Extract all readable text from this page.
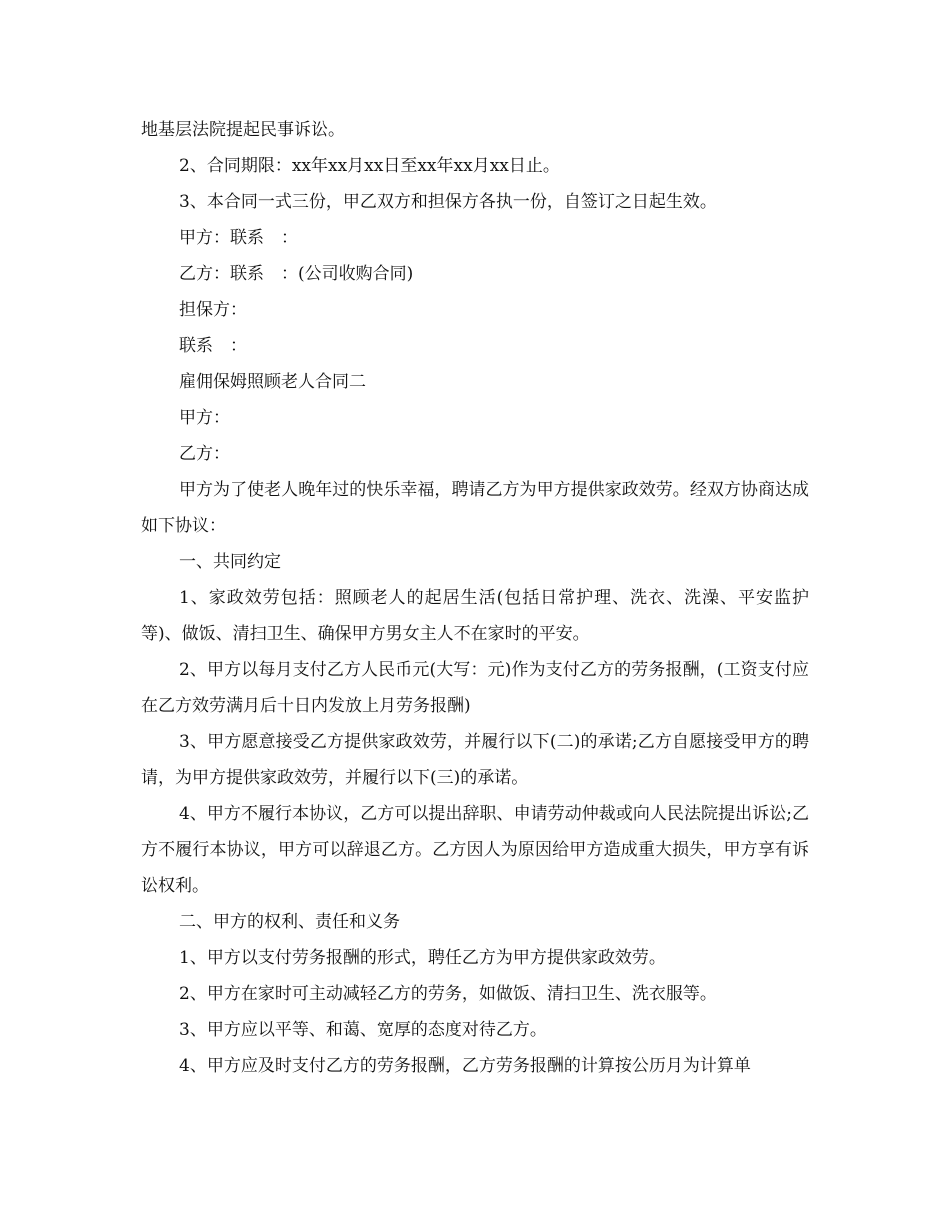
地基层法院提起民事诉讼。

2、合同期限：xx年xx月xx日至xx年xx月xx日止。

3、本合同一式三份，甲乙双方和担保方各执一份，自签订之日起生效。

甲方：联系　：

乙方：联系　：(公司收购合同)

担保方：

联系　：

雇佣保姆照顾老人合同二

甲方：

乙方：

甲方为了使老人晚年过的快乐幸福，聘请乙方为甲方提供家政效劳。经双方协商达成如下协议：

一、共同约定

1、家政效劳包括：照顾老人的起居生活(包括日常护理、洗衣、洗澡、平安监护等)、做饭、清扫卫生、确保甲方男女主人不在家时的平安。

2、甲方以每月支付乙方人民币元(大写：元)作为支付乙方的劳务报酬，(工资支付应在乙方效劳满月后十日内发放上月劳务报酬)

3、甲方愿意接受乙方提供家政效劳，并履行以下(二)的承诺;乙方自愿接受甲方的聘请，为甲方提供家政效劳，并履行以下(三)的承诺。

4、甲方不履行本协议，乙方可以提出辞职、申请劳动仲裁或向人民法院提出诉讼;乙方不履行本协议，甲方可以辞退乙方。乙方因人为原因给甲方造成重大损失，甲方享有诉讼权利。

二、甲方的权利、责任和义务

1、甲方以支付劳务报酬的形式，聘任乙方为甲方提供家政效劳。

2、甲方在家时可主动减轻乙方的劳务，如做饭、清扫卫生、洗衣服等。

3、甲方应以平等、和蔼、宽厚的态度对待乙方。

4、甲方应及时支付乙方的劳务报酬，乙方劳务报酬的计算按公历月为计算单
